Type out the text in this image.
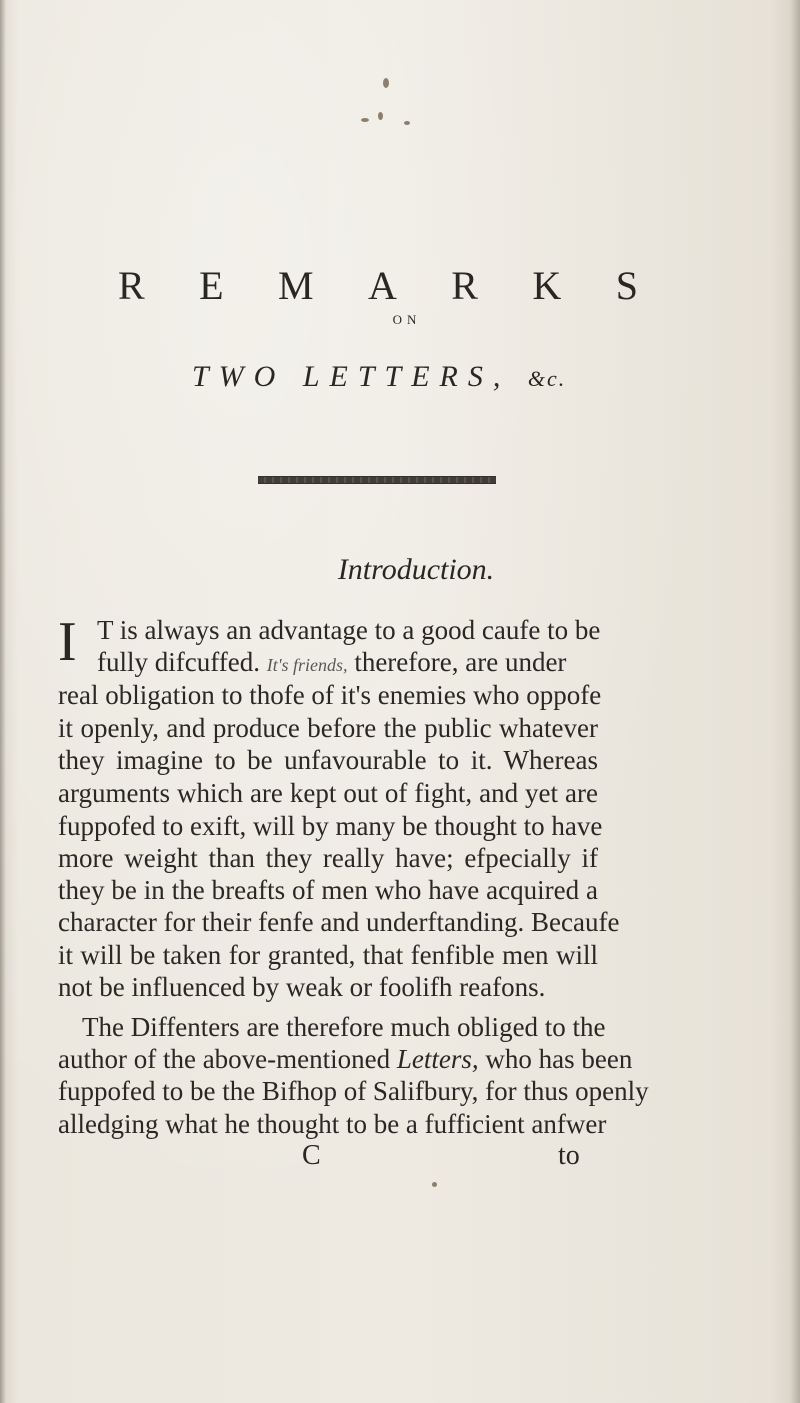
R E M A R K S
ON
TWO LETTERS, &c.
Introduction.
I T is always an advantage to a good caufe to be
fully difcuffed. It's friends, therefore, are under
real obligation to thofe of it's enemies who oppofe
it openly, and produce before the public whatever
they imagine to be unfavourable to it. Whereas
arguments which are kept out of fight, and yet are
fuppofed to exift, will by many be thought to have
more weight than they really have; efpecially if
they be in the breafts of men who have acquired a
character for their fenfe and underftanding. Becaufe
it will be taken for granted, that fenfible men will
not be influenced by weak or foolifh reafons.
The Diffenters are therefore much obliged to the
author of the above-mentioned Letters, who has been
fuppofed to be the Bifhop of Salifbury, for thus openly
alledging what he thought to be a fufficient anfwer
C	to
